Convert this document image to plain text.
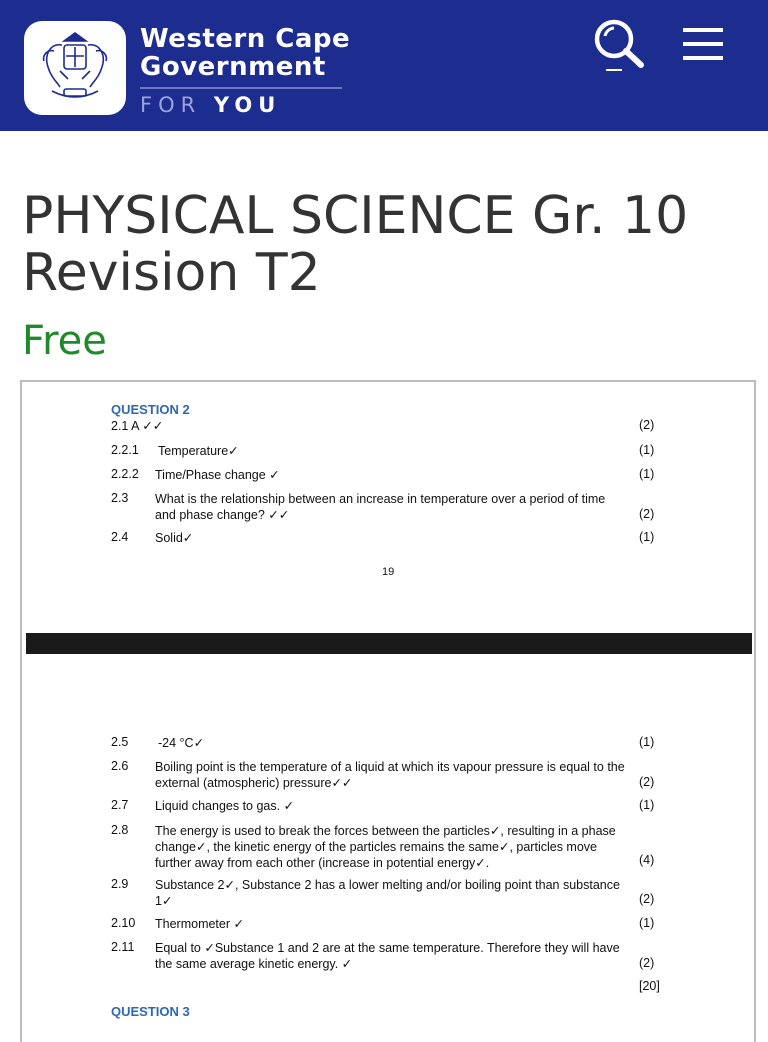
Western Cape
Government
FOR YOU
PHYSICAL SCIENCE Gr. 10 Revision T2
Free
QUESTION 2
2.1 A ✓✓	(2)
2.2.1 Temperature✓	(1)
2.2.2 Time/Phase change ✓	(1)
2.3 What is the relationship between an increase in temperature over a period of time and phase change? ✓✓	(2)
2.4 Solid✓	(1)
19
2.5 -24 °C✓	(1)
2.6 Boiling point is the temperature of a liquid at which its vapour pressure is equal to the external (atmospheric) pressure✓✓	(2)
2.7 Liquid changes to gas. ✓	(1)
2.8 The energy is used to break the forces between the particles✓, resulting in a phase change✓, the kinetic energy of the particles remains the same✓, particles move further away from each other (increase in potential energy✓.	(4)
2.9 Substance 2✓, Substance 2 has a lower melting and/or boiling point than substance 1✓	(2)
2.10 Thermometer ✓	(1)
2.11 Equal to ✓Substance 1 and 2 are at the same temperature. Therefore they will have the same average kinetic energy. ✓	(2)
[20]
QUESTION 3
